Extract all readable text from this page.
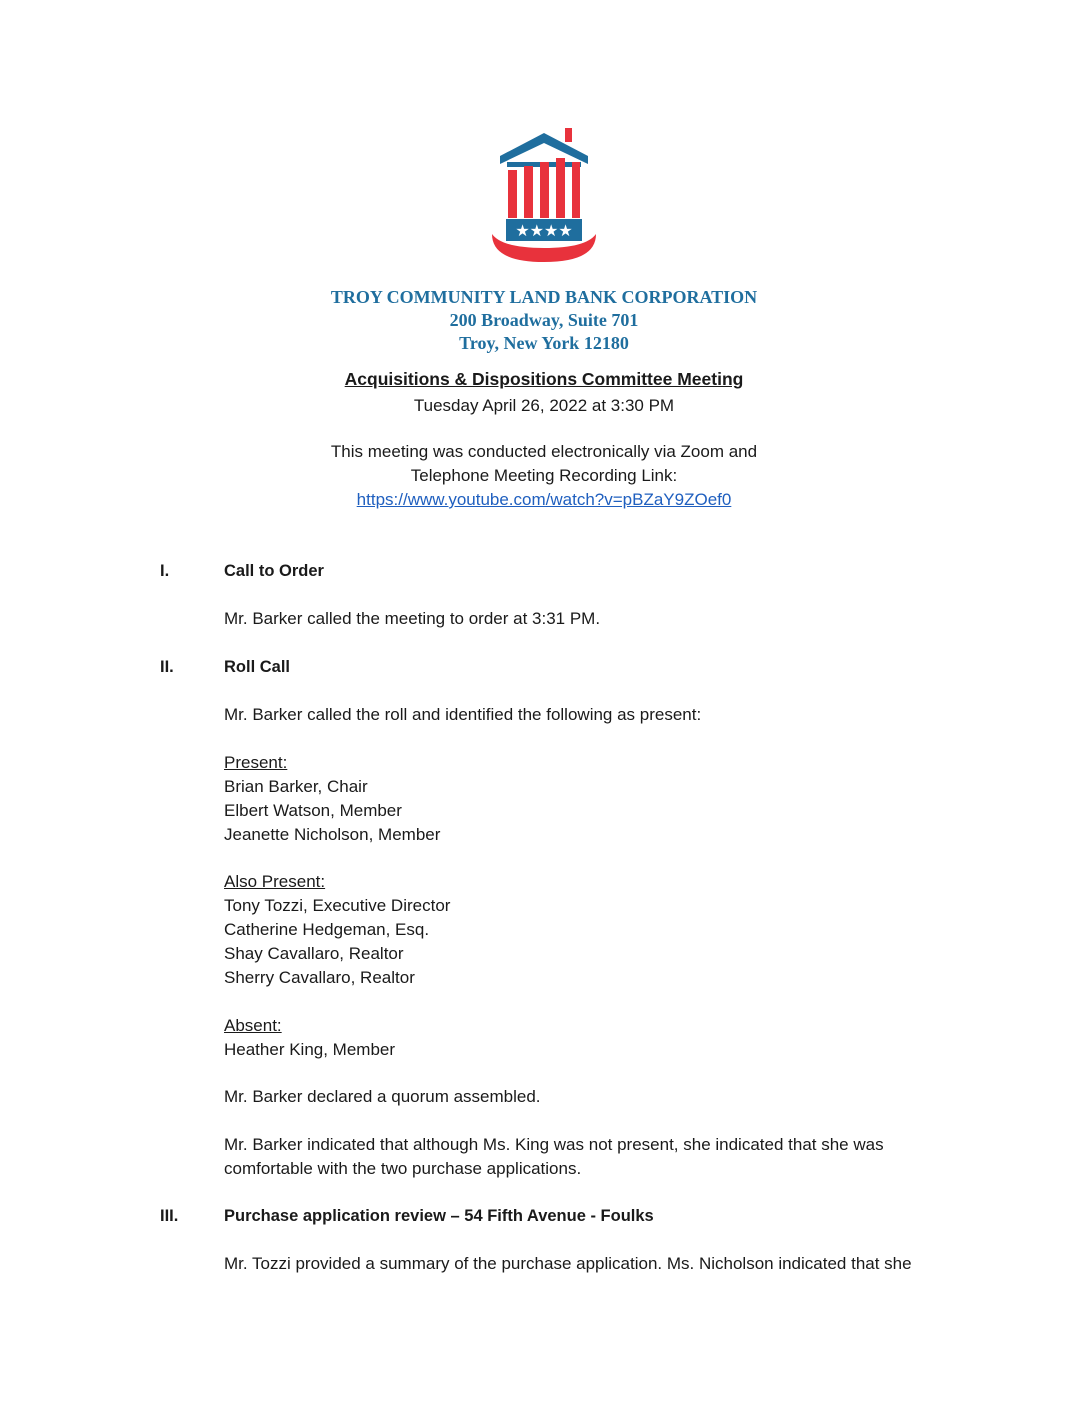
★★★★
TROY COMMUNITY LAND BANK CORPORATION
200 Broadway, Suite 701
Troy, New York 12180
Acquisitions & Dispositions Committee Meeting
Tuesday April 26, 2022 at 3:30 PM
This meeting was conducted electronically via Zoom and
Telephone Meeting Recording Link:
https://www.youtube.com/watch?v=pBZaY9ZOef0
I.	Call to Order
Mr. Barker called the meeting to order at 3:31 PM.
II.	Roll Call
Mr. Barker called the roll and identified the following as present:
Present:
Brian Barker, Chair
Elbert Watson, Member
Jeanette Nicholson, Member
Also Present:
Tony Tozzi, Executive Director
Catherine Hedgeman, Esq.
Shay Cavallaro, Realtor
Sherry Cavallaro, Realtor
Absent:
Heather King, Member
Mr. Barker declared a quorum assembled.
Mr. Barker indicated that although Ms. King was not present, she indicated that she was
comfortable with the two purchase applications.
III.	Purchase application review – 54 Fifth Avenue - Foulks
Mr. Tozzi provided a summary of the purchase application. Ms. Nicholson indicated that she
